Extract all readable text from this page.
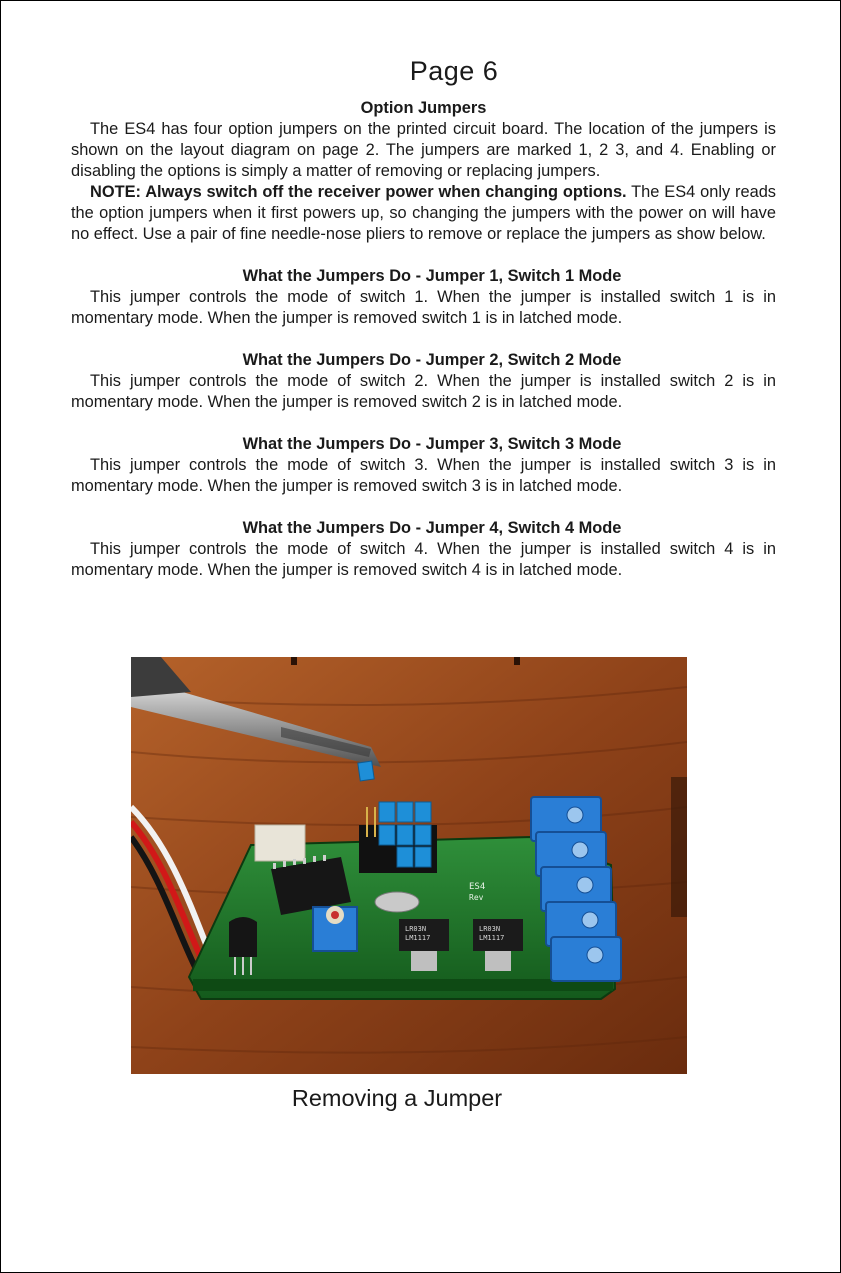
Page 6

Option Jumpers

The ES4 has four option jumpers on the printed circuit board. The location of the jumpers is shown on the layout diagram on page 2. The jumpers are marked 1, 2 3, and 4. Enabling or disabling the options is simply a matter of removing or replacing jumpers.

NOTE: Always switch off the receiver power when changing options. The ES4 only reads the option jumpers when it first powers up, so changing the jumpers with the power on will have no effect. Use a pair of fine needle-nose pliers to remove or replace the jumpers as show below.

What the Jumpers Do - Jumper 1, Switch 1 Mode

This jumper controls the mode of switch 1. When the jumper is installed switch 1 is in momentary mode. When the jumper is removed switch 1 is in latched mode.

What the Jumpers Do - Jumper 2, Switch 2 Mode

This jumper controls the mode of switch 2. When the jumper is installed switch 2 is in momentary mode. When the jumper is removed switch 2 is in latched mode.

What the Jumpers Do - Jumper 3, Switch 3 Mode

This jumper controls the mode of switch 3. When the jumper is installed switch 3 is in momentary mode. When the jumper is removed switch 3 is in latched mode.

What the Jumpers Do - Jumper 4, Switch 4 Mode

This jumper controls the mode of switch 4. When the jumper is installed switch 4 is in momentary mode. When the jumper is removed switch 4 is in latched mode.

ES4
Rev
LR03N
LM1117
LR03N
LM1117
Removing a Jumper
